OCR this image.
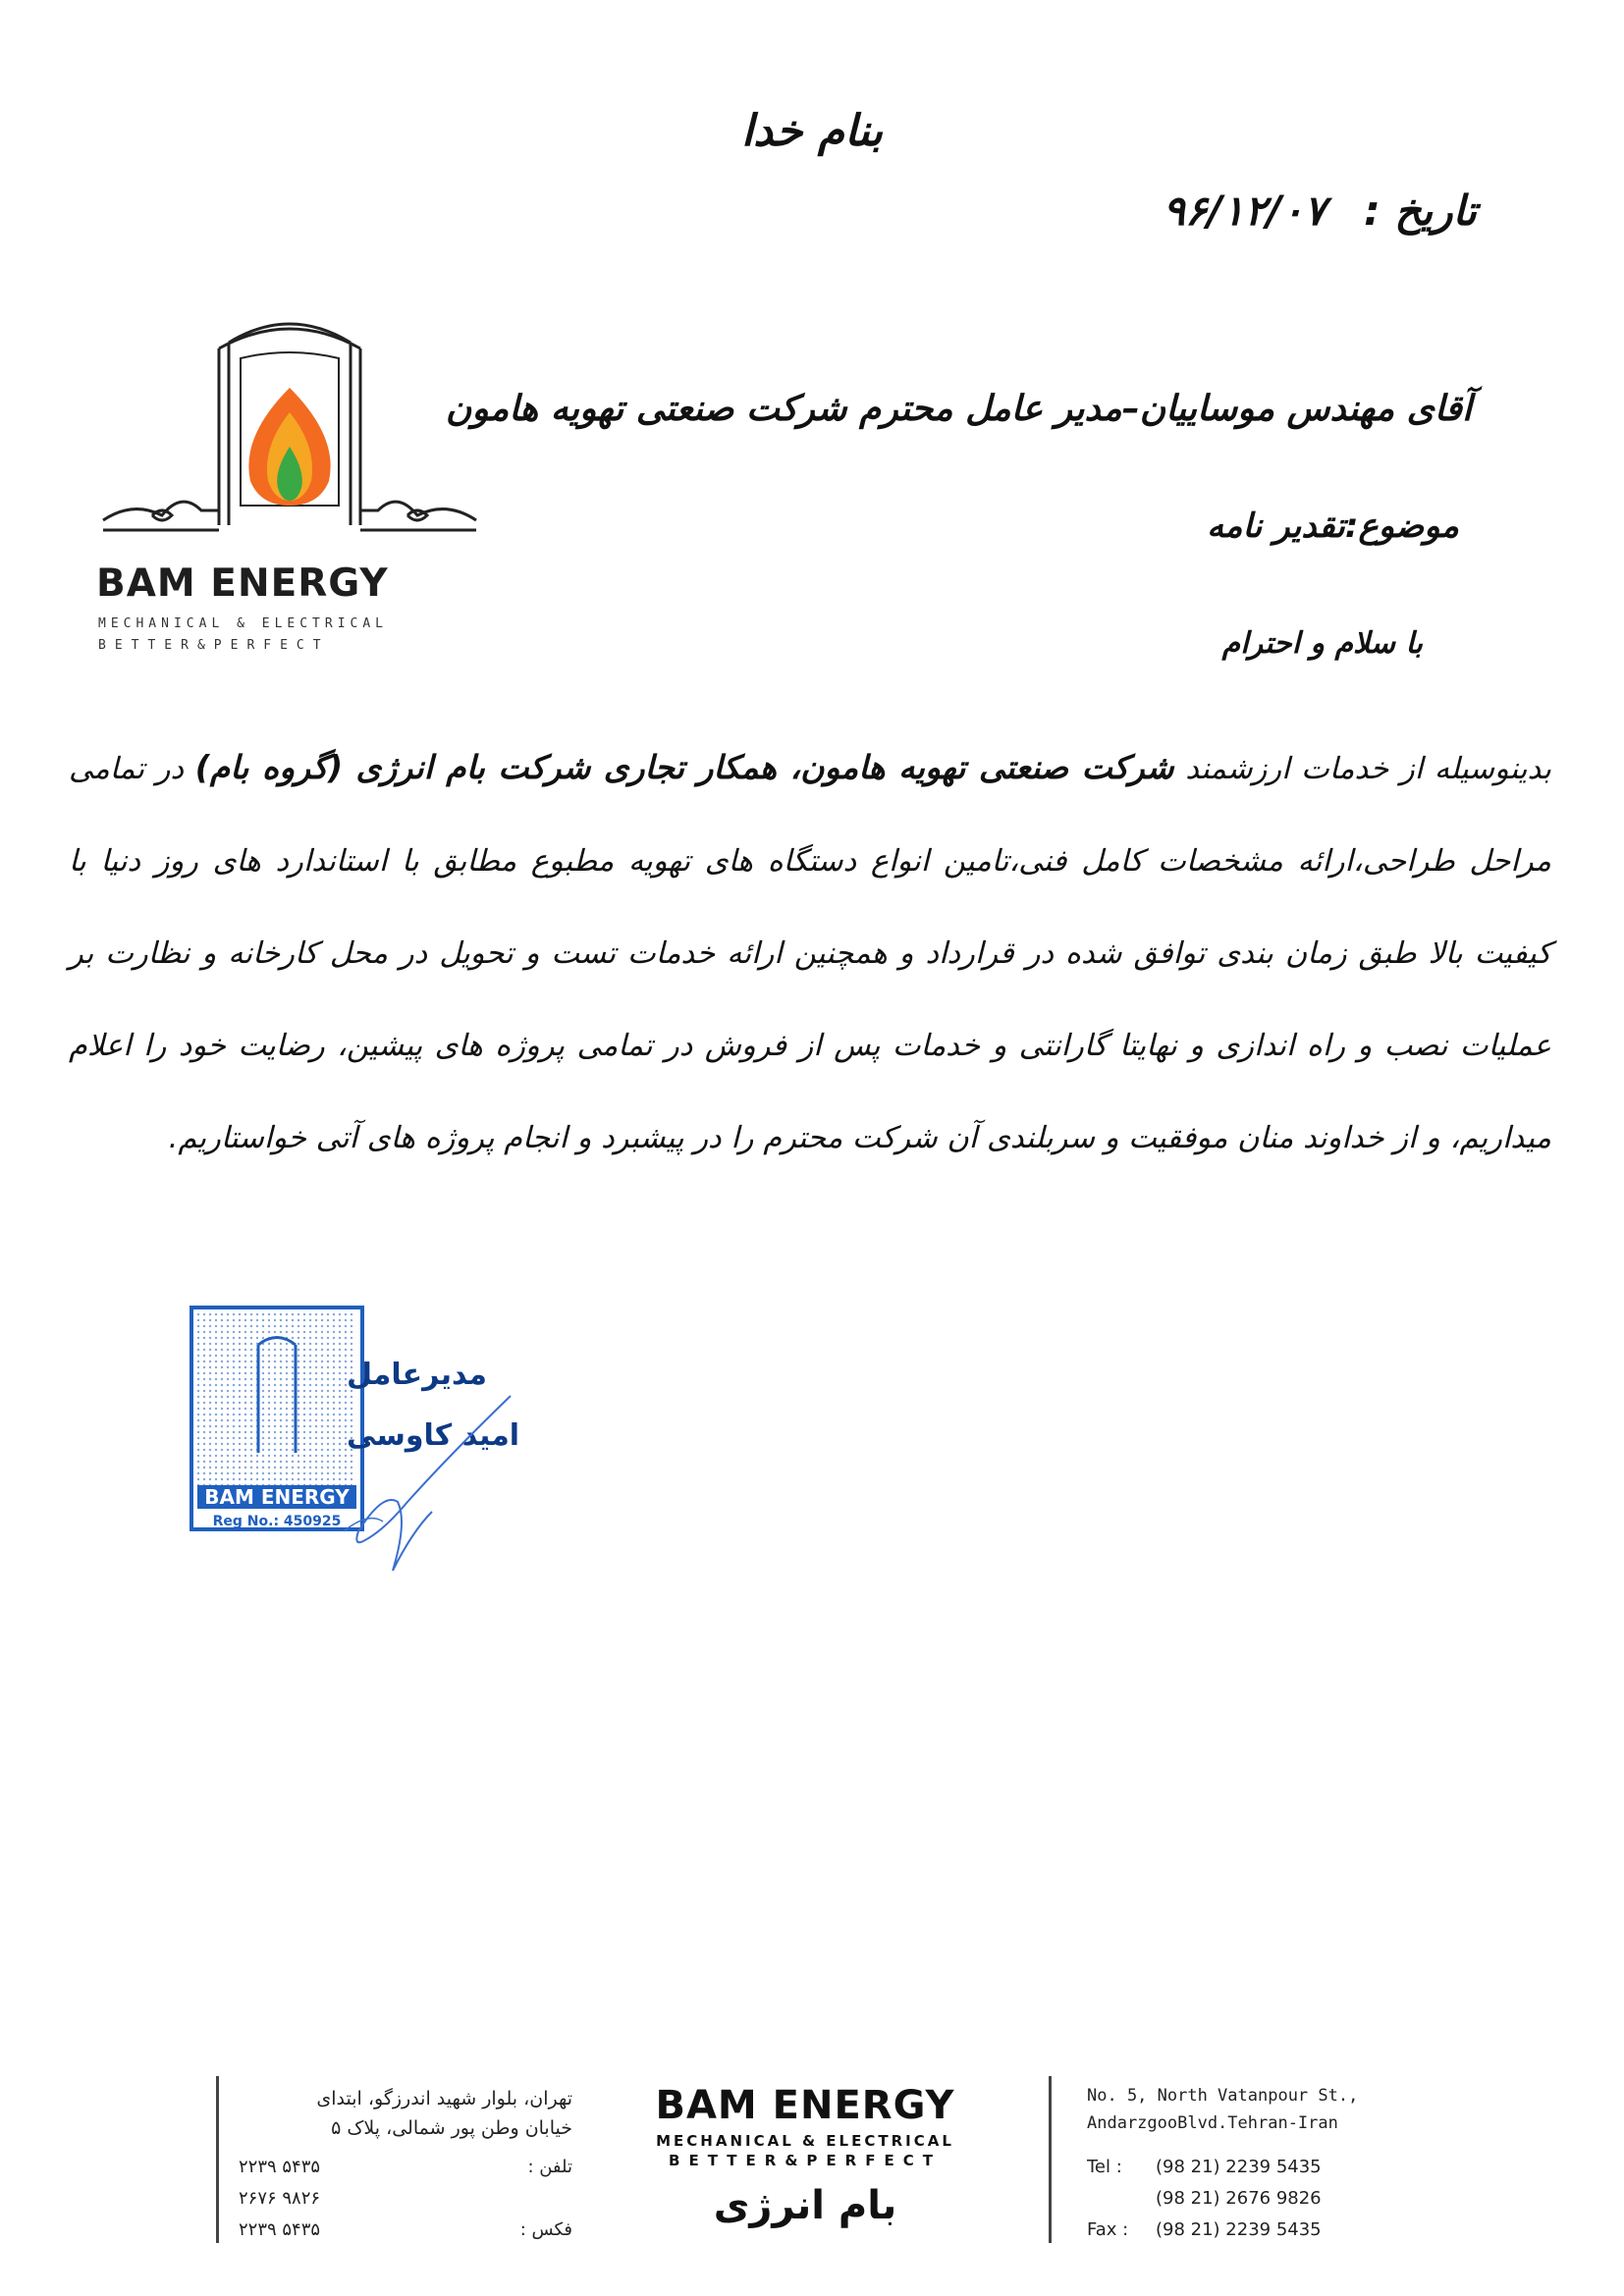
بنام خدا
تاریخ : ۹۶/۱۲/۰۷
BAM ENERGY
MECHANICAL & ELECTRICAL
BETTER&PERFECT
آقای مهندس موساییان–مدیر عامل محترم شرکت صنعتی تهویه هامون
موضوع:تقدیر نامه
با سلام و احترام
بدینوسیله از خدمات ارزشمند شرکت صنعتی تهویه هامون، همکار تجاری شرکت بام انرژی (گروه بام) در تمامی مراحل طراحی،ارائه مشخصات کامل فنی،تامین انواع دستگاه های تهویه مطبوع مطابق با استاندارد های روز دنیا با کیفیت بالا طبق زمان بندی توافق شده در قرارداد و همچنین ارائه خدمات تست و تحویل در محل کارخانه و نظارت بر عملیات نصب و راه اندازی و نهایتا گارانتی و خدمات پس از فروش در تمامی پروژه های پیشین، رضایت خود را اعلام میداریم، و از خداوند منان موفقیت و سربلندی آن شرکت محترم را در پیشبرد و انجام پروژه های آتی خواستاریم.
مدیرعامل
امید کاوسی
BAM ENERGY
Reg No.: 450925
تهران، بلوار شهید اندرزگو، ابتدای
خیابان وطن پور شمالی، پلاک ۵
تلفن :
۲۲۳۹ ۵۴۳۵
۲۶۷۶ ۹۸۲۶
فکس :
۲۲۳۹ ۵۴۳۵
BAM ENERGY
MECHANICAL & ELECTRICAL
BETTER&PERFECT
بام انرژی
No. 5, North Vatanpour St.,
AndarzgooBlvd.Tehran-Iran
Tel : (98 21) 2239 5435
(98 21) 2676 9826
Fax : (98 21) 2239 5435
